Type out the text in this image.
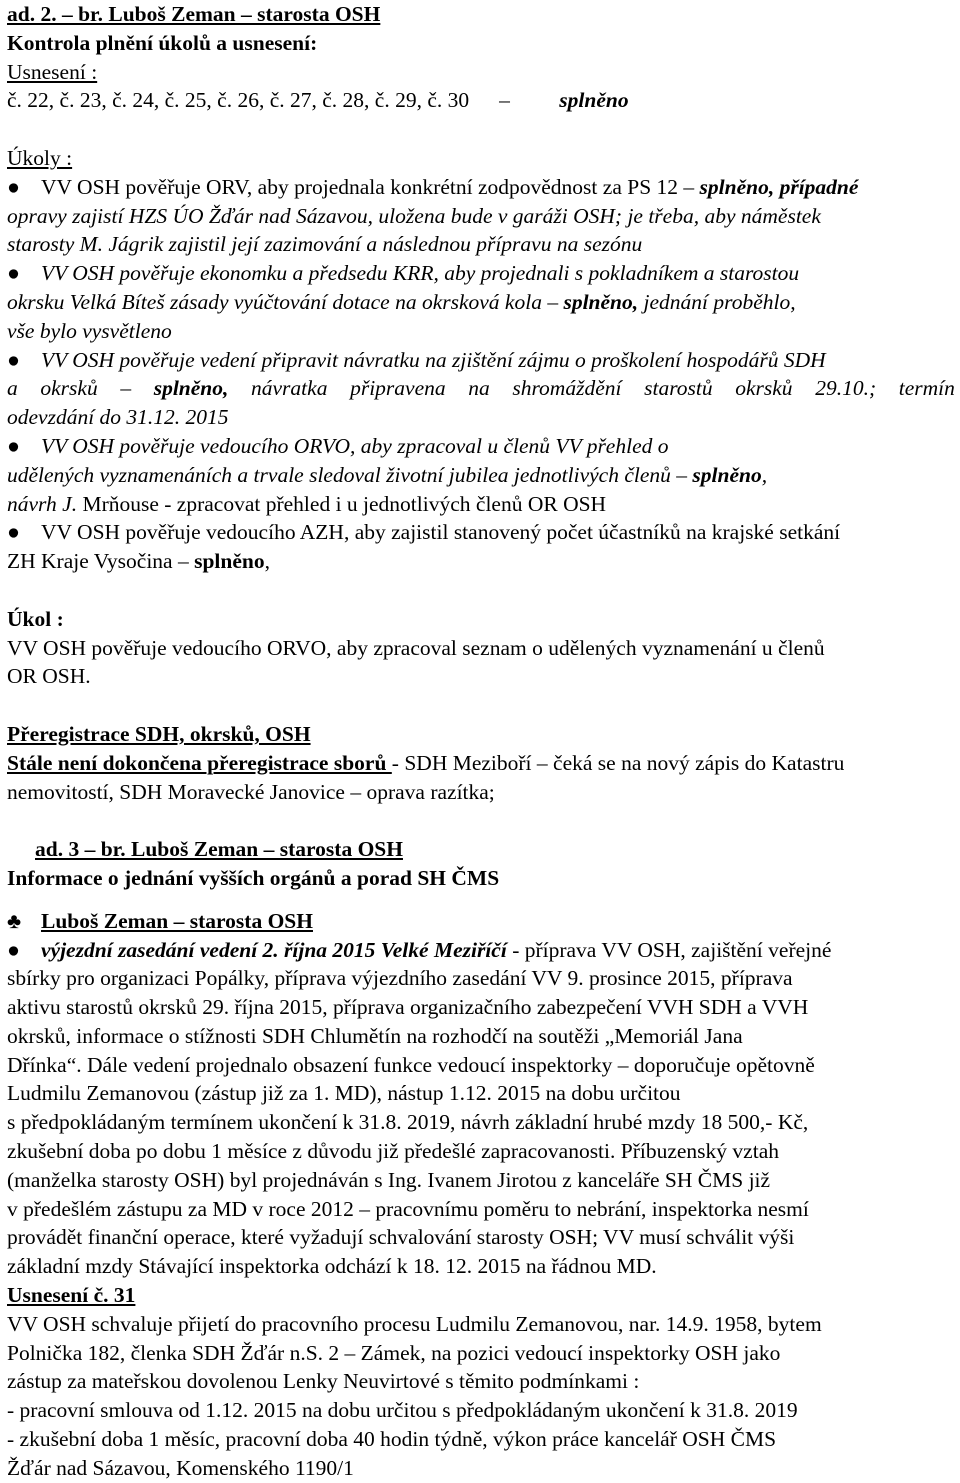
ad. 2. – br. Luboš Zeman – starosta OSH
Kontrola plnění úkolů a usnesení:
Usnesení :
č. 22, č. 23, č. 24, č. 25, č. 26, č. 27, č. 28, č. 29, č. 30 – splněno
Úkoly :
● VV OSH pověřuje ORV, aby projednala konkrétní zodpovědnost za PS 12 – splněno, případné
opravy zajistí HZS ÚO Žďár nad Sázavou, uložena bude v garáži OSH; je třeba, aby náměstek
starosty M. Jágrik zajistil její zazimování a následnou přípravu na sezónu
● VV OSH pověřuje ekonomku a předsedu KRR, aby projednali s pokladníkem a starostou
okrsku Velká Bíteš zásady vyúčtování dotace na okrsková kola – splněno, jednání proběhlo,
vše bylo vysvětleno
● VV OSH pověřuje vedení připravit návratku na zjištění zájmu o proškolení hospodářů SDH
a okrsků – splněno, návratka připravena na shromáždění starostů okrsků 29.10.; termín
odevzdání do 31.12. 2015
● VV OSH pověřuje vedoucího ORVO, aby zpracoval u členů VV přehled o
udělených vyznamenáních a trvale sledoval životní jubilea jednotlivých členů – splněno,
návrh J. Mrňouse - zpracovat přehled i u jednotlivých členů OR OSH
● VV OSH pověřuje vedoucího AZH, aby zajistil stanovený počet účastníků na krajské setkání
ZH Kraje Vysočina – splněno,
Úkol :
VV OSH pověřuje vedoucího ORVO, aby zpracoval seznam o udělených vyznamenání u členů
OR OSH.
Přeregistrace SDH, okrsků, OSH
Stále není dokončena přeregistrace sborů - SDH Meziboří – čeká se na nový zápis do Katastru
nemovitostí, SDH Moravecké Janovice – oprava razítka;
ad. 3 – br. Luboš Zeman – starosta OSH
Informace o jednání vyšších orgánů a porad SH ČMS
♣ Luboš Zeman – starosta OSH
● výjezdní zasedání vedení 2. října 2015 Velké Meziříčí - příprava VV OSH, zajištění veřejné
sbírky pro organizaci Popálky, příprava výjezdního zasedání VV 9. prosince 2015, příprava
aktivu starostů okrsků 29. října 2015, příprava organizačního zabezpečení VVH SDH a VVH
okrsků, informace o stížnosti SDH Chlumětín na rozhodčí na soutěži „Memoriál Jana
Dřínka“. Dále vedení projednalo obsazení funkce vedoucí inspektorky – doporučuje opětovně
Ludmilu Zemanovou (zástup již za 1. MD), nástup 1.12. 2015 na dobu určitou
s předpokládaným termínem ukončení k 31.8. 2019, návrh základní hrubé mzdy 18 500,- Kč,
zkušební doba po dobu 1 měsíce z důvodu již předešlé zapracovanosti. Příbuzenský vztah
(manželka starosty OSH) byl projednáván s Ing. Ivanem Jirotou z kanceláře SH ČMS již
v předešlém zástupu za MD v roce 2012 – pracovnímu poměru to nebrání, inspektorka nesmí
provádět finanční operace, které vyžadují schvalování starosty OSH; VV musí schválit výši
základní mzdy Stávající inspektorka odchází k 18. 12. 2015 na řádnou MD.
Usnesení č. 31
VV OSH schvaluje přijetí do pracovního procesu Ludmilu Zemanovou, nar. 14.9. 1958, bytem
Polnička 182, členka SDH Žďár n.S. 2 – Zámek, na pozici vedoucí inspektorky OSH jako
zástup za mateřskou dovolenou Lenky Neuvirtové s těmito podmínkami :
- pracovní smlouva od 1.12. 2015 na dobu určitou s předpokládaným ukončení k 31.8. 2019
- zkušební doba 1 měsíc, pracovní doba 40 hodin týdně, výkon práce kancelář OSH ČMS
Žďár nad Sázavou, Komenského 1190/1
